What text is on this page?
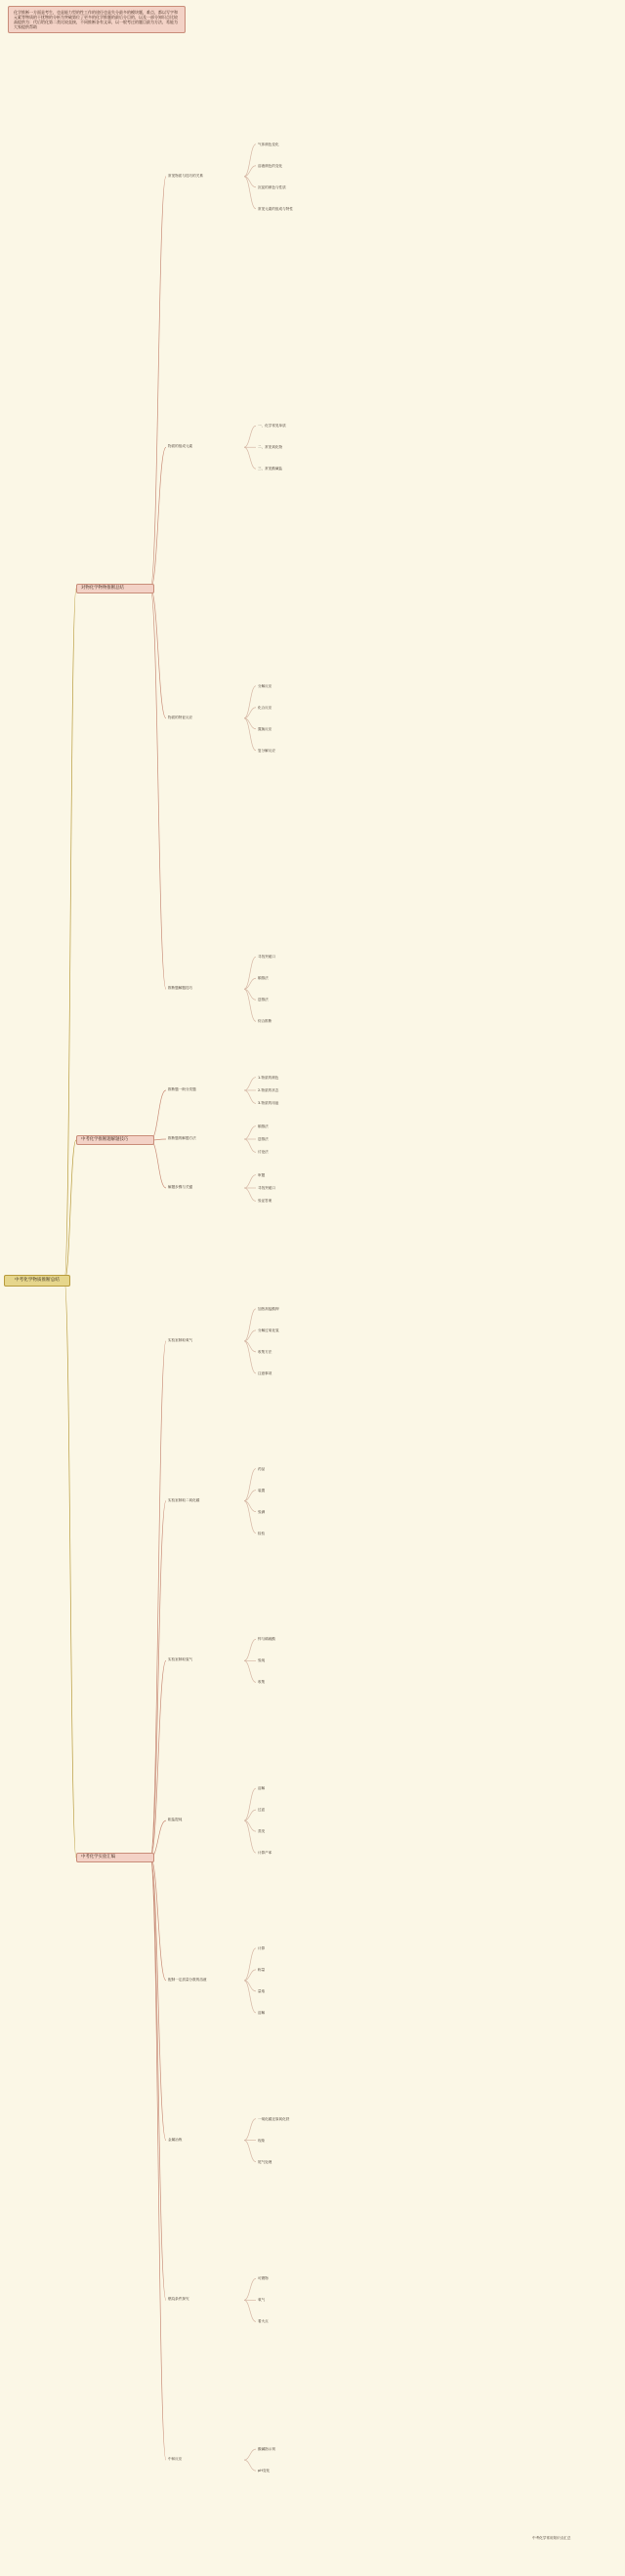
化学推断一方面是考生，也是能力型的性工作的途径也是失分最多的模块题，难点，都以写字和元素等物质的干扰物的分析为突破第位了更多的化学推题的最后分目的，以及一部分知识点比较高提供为：代后给化第二类比较直接，不同推断各有文章，以一般考过的题目最为方法，希能为大家提供帮助
中考化学物质推断总结
对物化学物物推断总结
常见物质与技巧的关系
气体颜色变化
溶液颜色的变化
沉淀的颜色与性质
常见元素的组成与特性
物质的组成元素
一、化学常见单质
二、常见氧化物
三、常见酸碱盐
物质的特征反应
分解反应
化合反应
置换反应
复分解反应
推断题解题技巧
寻找突破口
顺推法
逆推法
综合推断
中考化学推断题解题技巧
推断题一般分类题
1.物质的颜色
2.物质的状态
3.物质的用途
推断题的解题方法
顺推法
逆推法
讨论法
解题步骤与关键
审题
寻找突破口
验证答案
中考化学实验汇编
实验室制取氧气
加热高锰酸钾
分解过氧化氢
收集方法
注意事项
实验室制取二氧化碳
药品
装置
验满
检验
实验室制取氢气
锌与稀硫酸
验纯
收集
粗盐提纯
溶解
过滤
蒸发
计算产率
配制一定质量分数的溶液
计算
称量
量取
溶解
金属冶炼
一氧化碳还原氧化铁
现象
尾气处理
燃烧条件探究
可燃物
氧气
着火点
中和反应
酸碱指示剂
pH变化
中考化学常用知识点汇总
